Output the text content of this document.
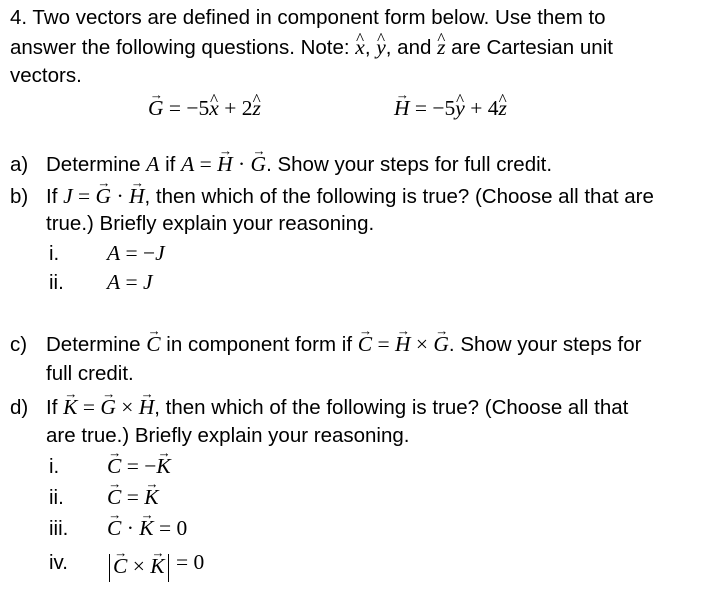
4. Two vectors are defined in component form below. Use them to
answer the following questions. Note: x ^, y ^, and z ^ are Cartesian unit
vectors.
G → = −5x ^ + 2z ^	H → = −5y ^ + 4z ^
a) Determine A if A = H → · G →. Show your steps for full credit.
b) If J = G → · H →, then which of the following is true? (Choose all that are
true.) Briefly explain your reasoning.
i. A = −J
ii. A = J
c) Determine C → in component form if C → = H → × G →. Show your steps for
full credit.
d) If K → = G → × H →, then which of the following is true? (Choose all that
are true.) Briefly explain your reasoning.
i. C → = −K →
ii. C → = K →
iii. C → · K → = 0
iv. C → × K → = 0
